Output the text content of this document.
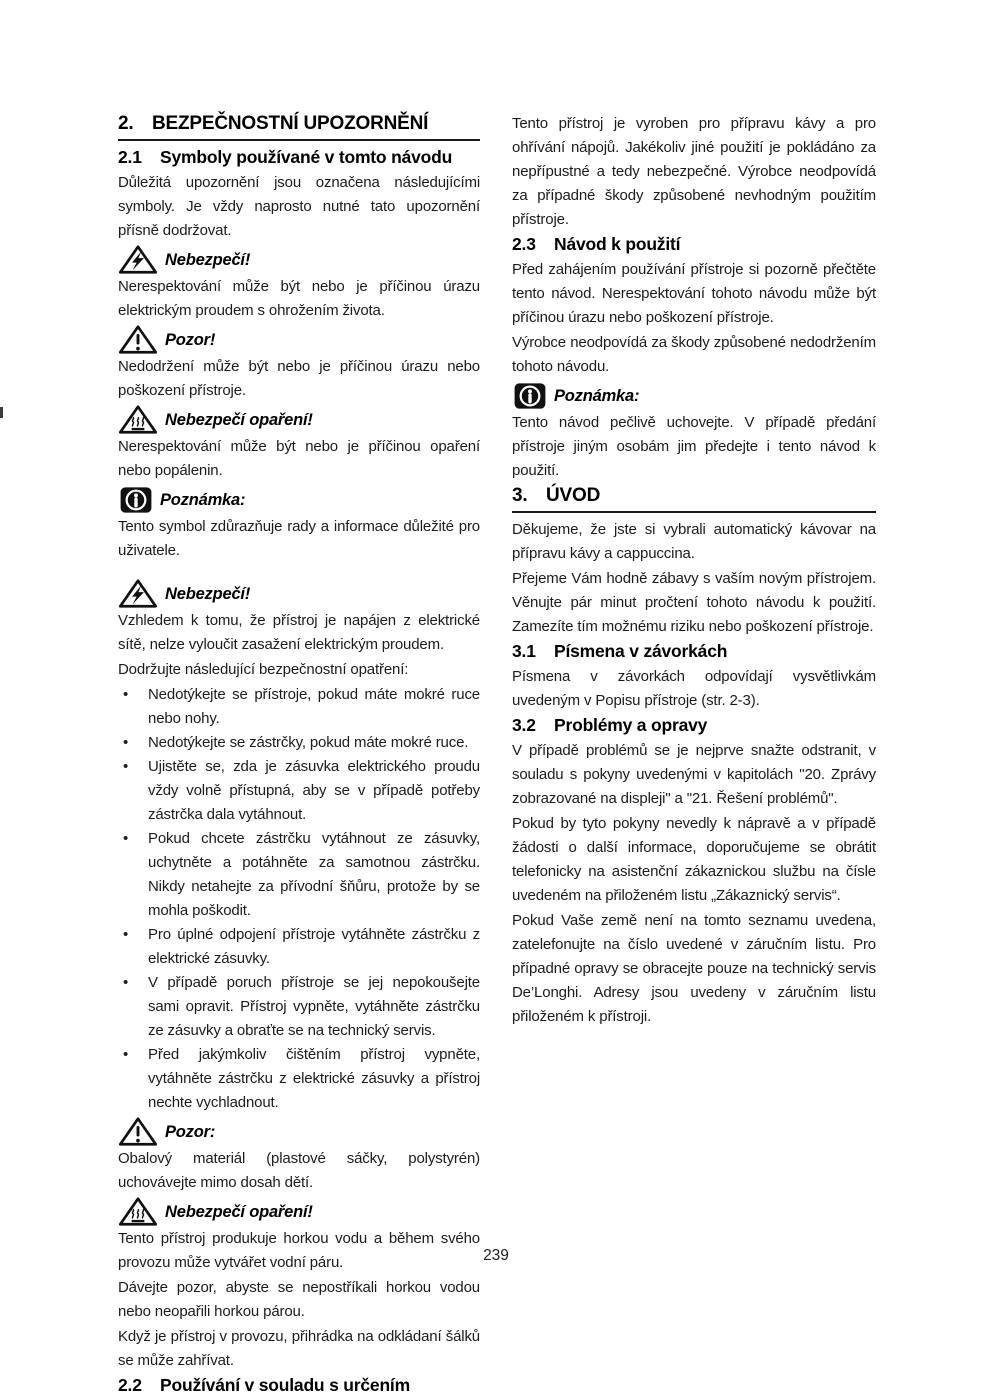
2. BEZPEČNOSTNÍ UPOZORNĚNÍ
2.1	Symboly používané v tomto návodu

Důležitá upozornění jsou označena následujícími symboly. Je vždy naprosto nutné tato upozornění přísně dodržovat.

Nebezpečí!

Nerespektování může být nebo je příčinou úrazu elektrickým proudem s ohrožením života.

Pozor!

Nedodržení může být nebo je příčinou úrazu nebo poškození přístroje.

Nebezpečí opaření!

Nerespektování může být nebo je příčinou opaření nebo popálenin.

Poznámka:

Tento symbol zdůrazňuje rady a informace důležité pro uživatele.

Nebezpečí!

Vzhledem k tomu, že přístroj je napájen z elektrické sítě, nelze vyloučit zasažení elektrickým proudem.

Dodržujte následující bezpečnostní opatření:

• Nedotýkejte se přístroje, pokud máte mokré ruce nebo nohy.
• Nedotýkejte se zástrčky, pokud máte mokré ruce.
• Ujistěte se, zda je zásuvka elektrického proudu vždy volně přístupná, aby se v případě potřeby zástrčka dala vytáhnout.
• Pokud chcete zástrčku vytáhnout ze zásuvky, uchytněte a potáhněte za samotnou zástrčku. Nikdy netahejte za přívodní šňůru, protože by se mohla poškodit.
• Pro úplné odpojení přístroje vytáhněte zástrčku z elektrické zásuvky.
• V případě poruch přístroje se jej nepokoušejte sami opravit. Přístroj vypněte, vytáhněte zástrčku ze zásuvky a obraťte se na technický servis.
• Před jakýmkoliv čištěním přístroj vypněte, vytáhněte zástrčku z elektrické zásuvky a přístroj nechte vychladnout.
Pozor:

Obalový materiál (plastové sáčky, polystyrén) uchovávejte mimo dosah dětí.

Nebezpečí opaření!

Tento přístroj produkuje horkou vodu a během svého provozu může vytvářet vodní páru.

Dávejte pozor, abyste se nepostříkali horkou vodou nebo neopařili horkou párou.

Když je přístroj v provozu, přihrádka na odkládaní šálků se může zahřívat.

2.2	Používání v souladu s určením

Tento přístroj je vyroben pro přípravu kávy a pro ohřívání nápojů. Jakékoliv jiné použití je pokládáno za nepřípustné a tedy nebezpečné. Výrobce neodpovídá za případné škody způsobené nevhodným použitím přístroje.

2.3	Návod k použití

Před zahájením používání přístroje si pozorně přečtěte tento návod. Nerespektování tohoto návodu může být příčinou úrazu nebo poškození přístroje.

Výrobce neodpovídá za škody způsobené nedodržením tohoto návodu.

Poznámka:

Tento návod pečlivě uchovejte. V případě předání přístroje jiným osobám jim předejte i tento návod k použití.

3. ÚVOD

Děkujeme, že jste si vybrali automatický kávovar na přípravu kávy a cappuccina.

Přejeme Vám hodně zábavy s vaším novým přístrojem. Věnujte pár minut pročtení tohoto návodu k použití. Zamezíte tím možnému riziku nebo poškození přístroje.

3.1	Písmena v závorkách

Písmena v závorkách odpovídají vysvětlivkám uvedeným v Popisu přístroje (str. 2-3).

3.2	Problémy a opravy

V případě problémů se je nejprve snažte odstranit, v souladu s pokyny uvedenými v kapitolách "20. Zprávy zobrazované na displeji" a "21. Řešení problémů".

Pokud by tyto pokyny nevedly k nápravě a v případě žádosti o další informace, doporučujeme se obrátit telefonicky na asistenční zákaznickou službu na čísle uvedeném na přiloženém listu „Zákaznický servis“.

Pokud Vaše země není na tomto seznamu uvedena, zatelefonujte na číslo uvedené v záručním listu. Pro případné opravy se obracejte pouze na technický servis De’Longhi. Adresy jsou uvedeny v záručním listu přiloženém k přístroji.

239
